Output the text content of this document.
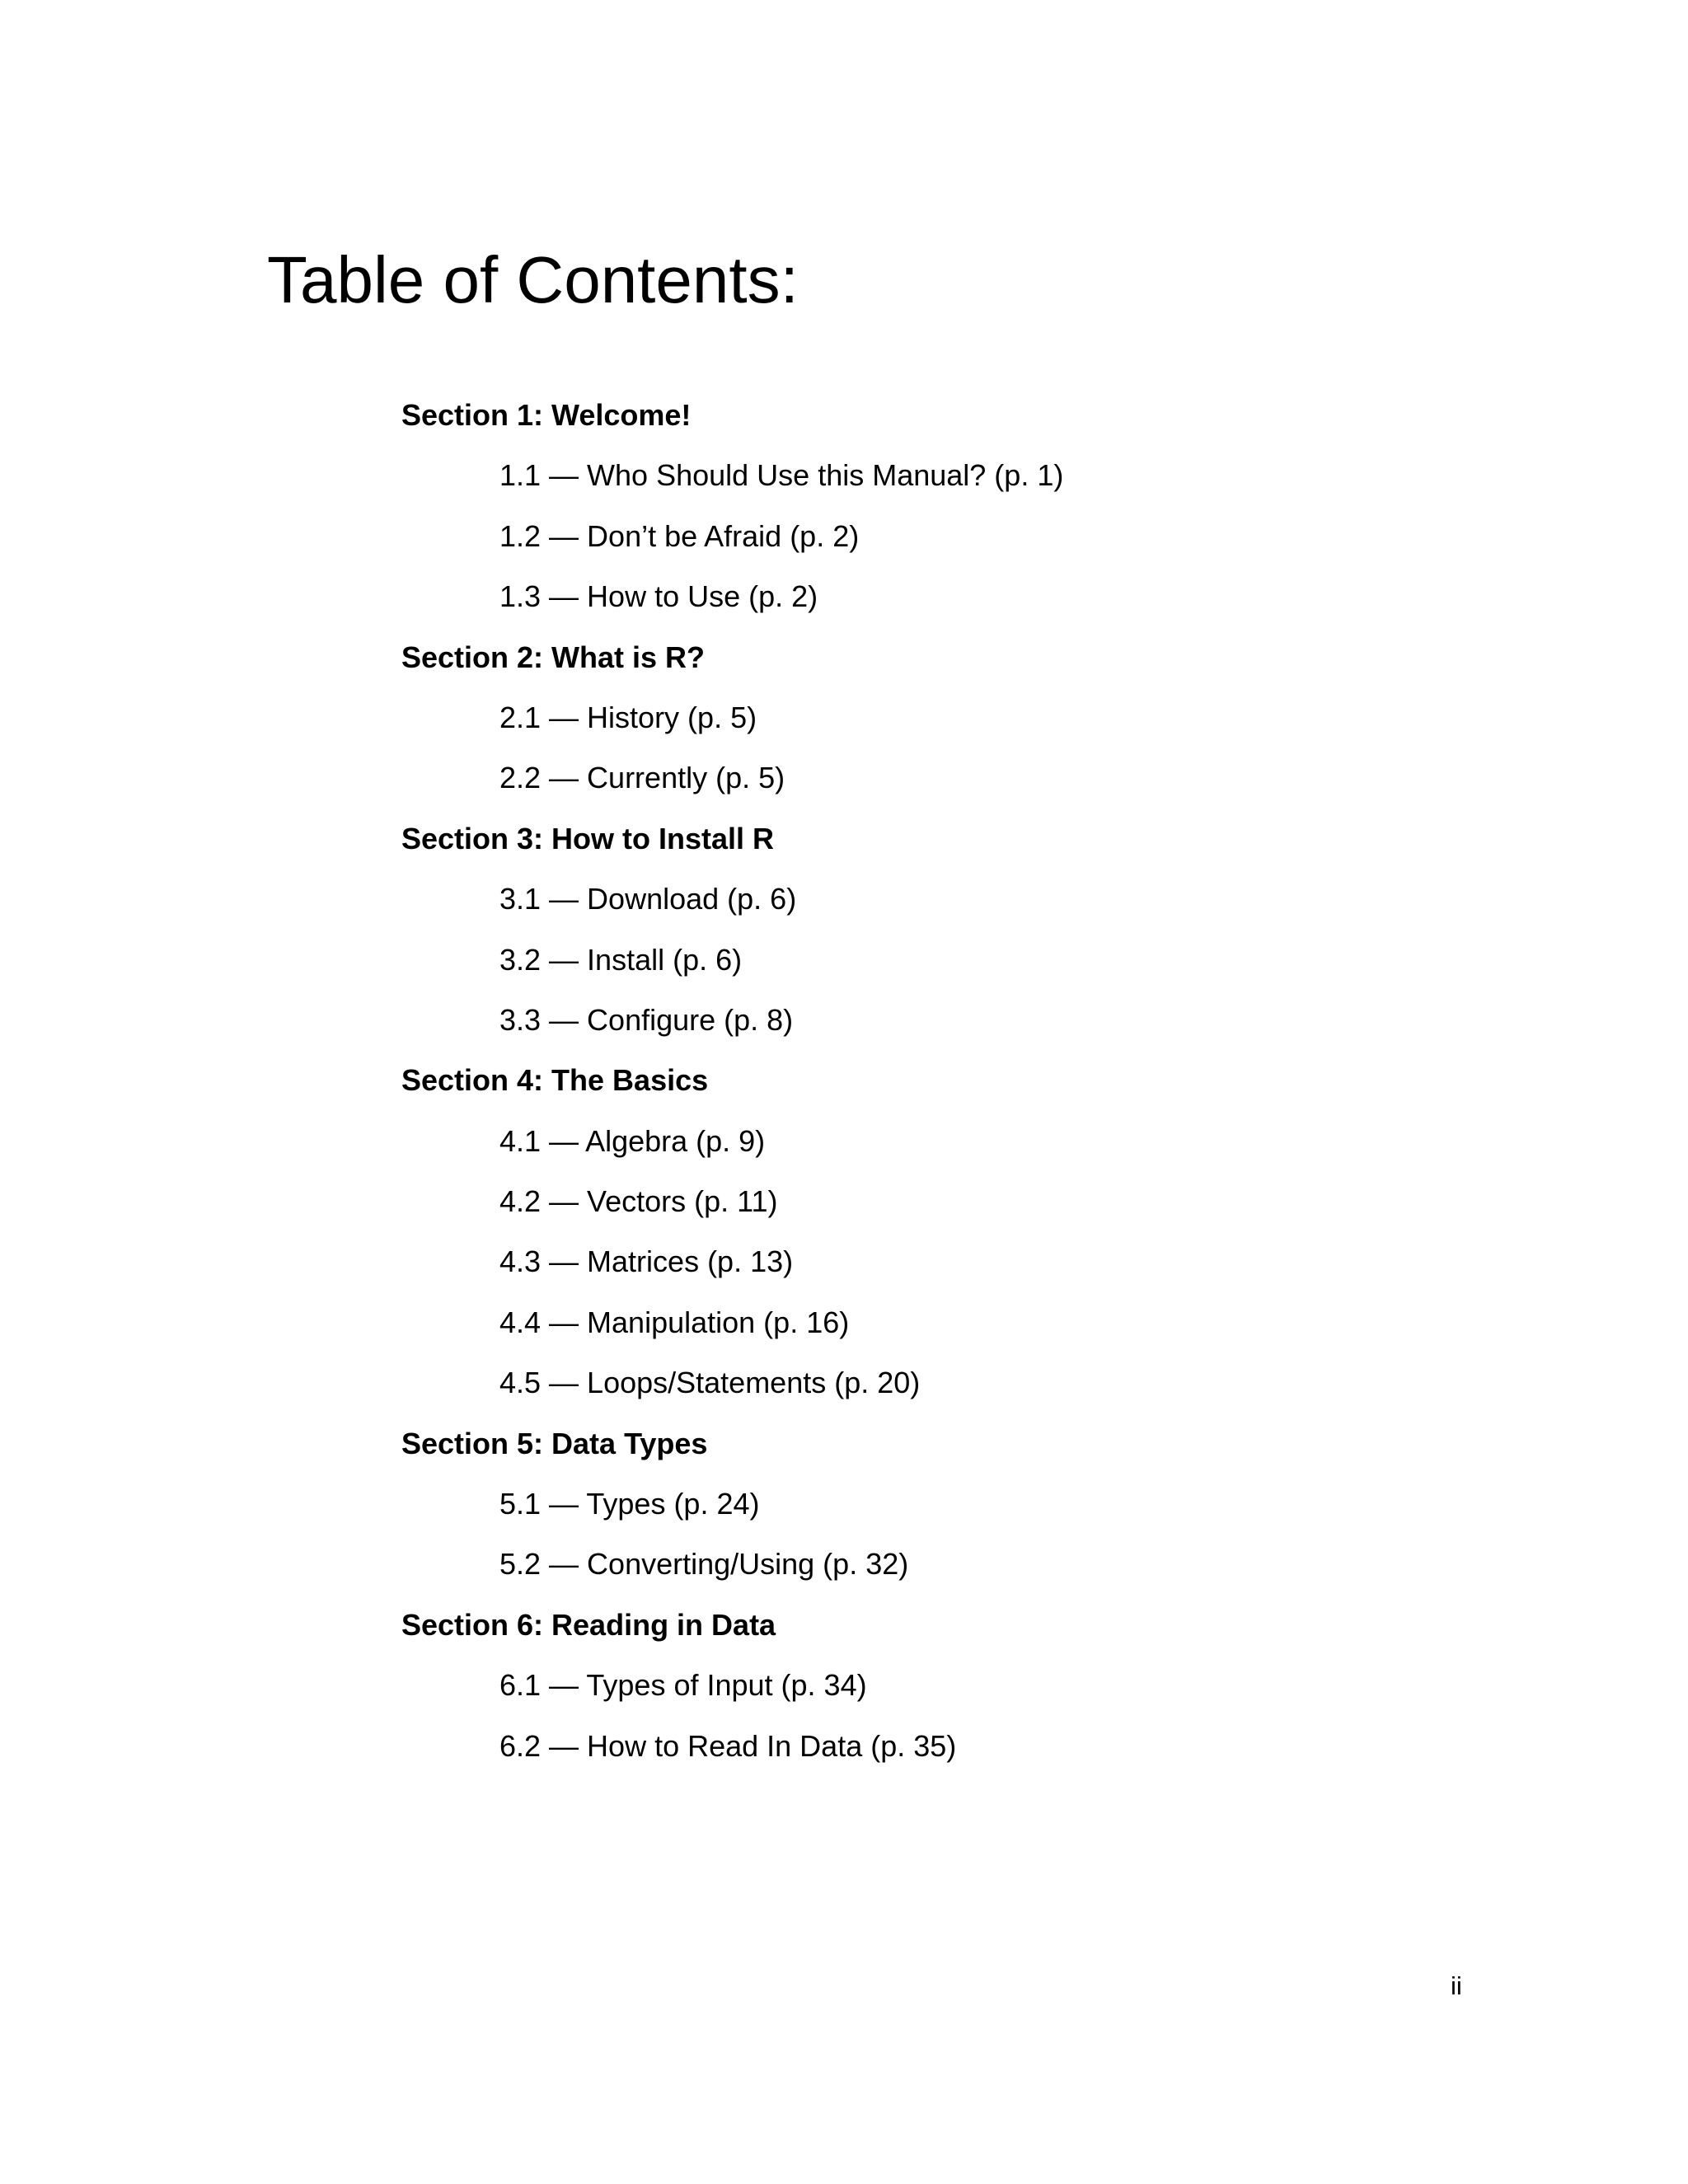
Table of Contents:
Section 1: Welcome!
1.1 — Who Should Use this Manual? (p. 1)
1.2 — Don’t be Afraid (p. 2)
1.3 — How to Use (p. 2)
Section 2: What is R?
2.1 — History (p. 5)
2.2 — Currently (p. 5)
Section 3: How to Install R
3.1 — Download (p. 6)
3.2 — Install (p. 6)
3.3 — Configure (p. 8)
Section 4: The Basics
4.1 — Algebra (p. 9)
4.2 — Vectors (p. 11)
4.3 — Matrices (p. 13)
4.4 — Manipulation (p. 16)
4.5 — Loops/Statements (p. 20)
Section 5: Data Types
5.1 — Types (p. 24)
5.2 — Converting/Using (p. 32)
Section 6: Reading in Data
6.1 — Types of Input (p. 34)
6.2 — How to Read In Data (p. 35)
ii
